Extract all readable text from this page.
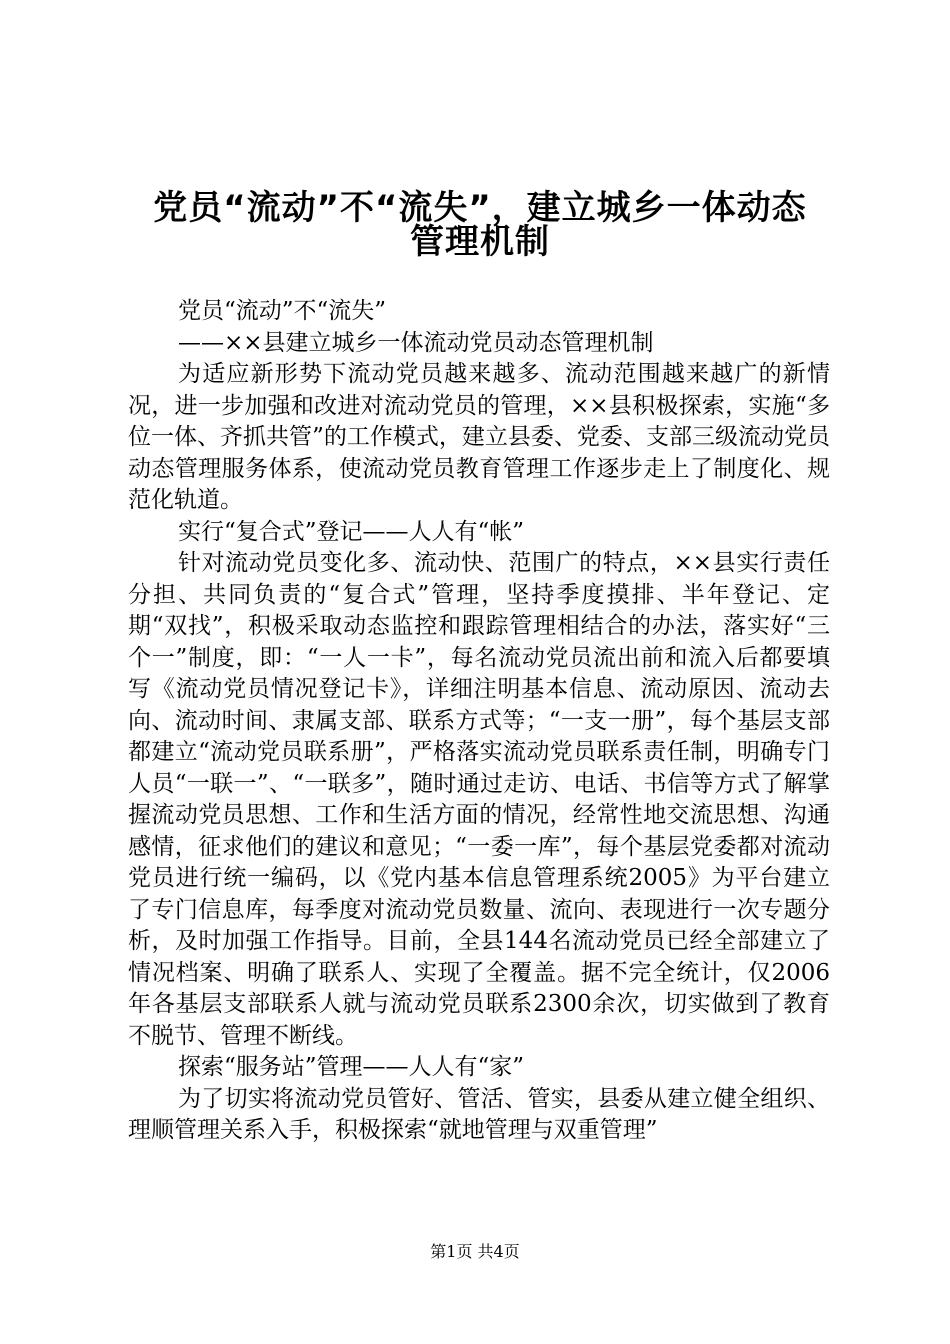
党员“流动”不“流失”，建立城乡一体动态
管理机制

党员“流动”不“流失”

——××县建立城乡一体流动党员动态管理机制

为适应新形势下流动党员越来越多、流动范围越来越广的新情况，进一步加强和改进对流动党员的管理，××县积极探索，实施“多位一体、齐抓共管”的工作模式，建立县委、党委、支部三级流动党员动态管理服务体系，使流动党员教育管理工作逐步走上了制度化、规范化轨道。

实行“复合式”登记——人人有“帐”

针对流动党员变化多、流动快、范围广的特点，××县实行责任分担、共同负责的“复合式”管理，坚持季度摸排、半年登记、定期“双找”，积极采取动态监控和跟踪管理相结合的办法，落实好“三个一”制度，即：“一人一卡”，每名流动党员流出前和流入后都要填写《流动党员情况登记卡》，详细注明基本信息、流动原因、流动去向、流动时间、隶属支部、联系方式等；“一支一册”，每个基层支部都建立“流动党员联系册”，严格落实流动党员联系责任制，明确专门人员“一联一”、“一联多”，随时通过走访、电话、书信等方式了解掌握流动党员思想、工作和生活方面的情况，经常性地交流思想、沟通感情，征求他们的建议和意见；“一委一库”，每个基层党委都对流动党员进行统一编码，以《党内基本信息管理系统2005》为平台建立了专门信息库，每季度对流动党员数量、流向、表现进行一次专题分析，及时加强工作指导。目前，全县144名流动党员已经全部建立了情况档案、明确了联系人、实现了全覆盖。据不完全统计，仅2006年各基层支部联系人就与流动党员联系2300余次，切实做到了教育不脱节、管理不断线。

探索“服务站”管理——人人有“家”

为了切实将流动党员管好、管活、管实，县委从建立健全组织、理顺管理关系入手，积极探索“就地管理与双重管理”

第1页 共4页
